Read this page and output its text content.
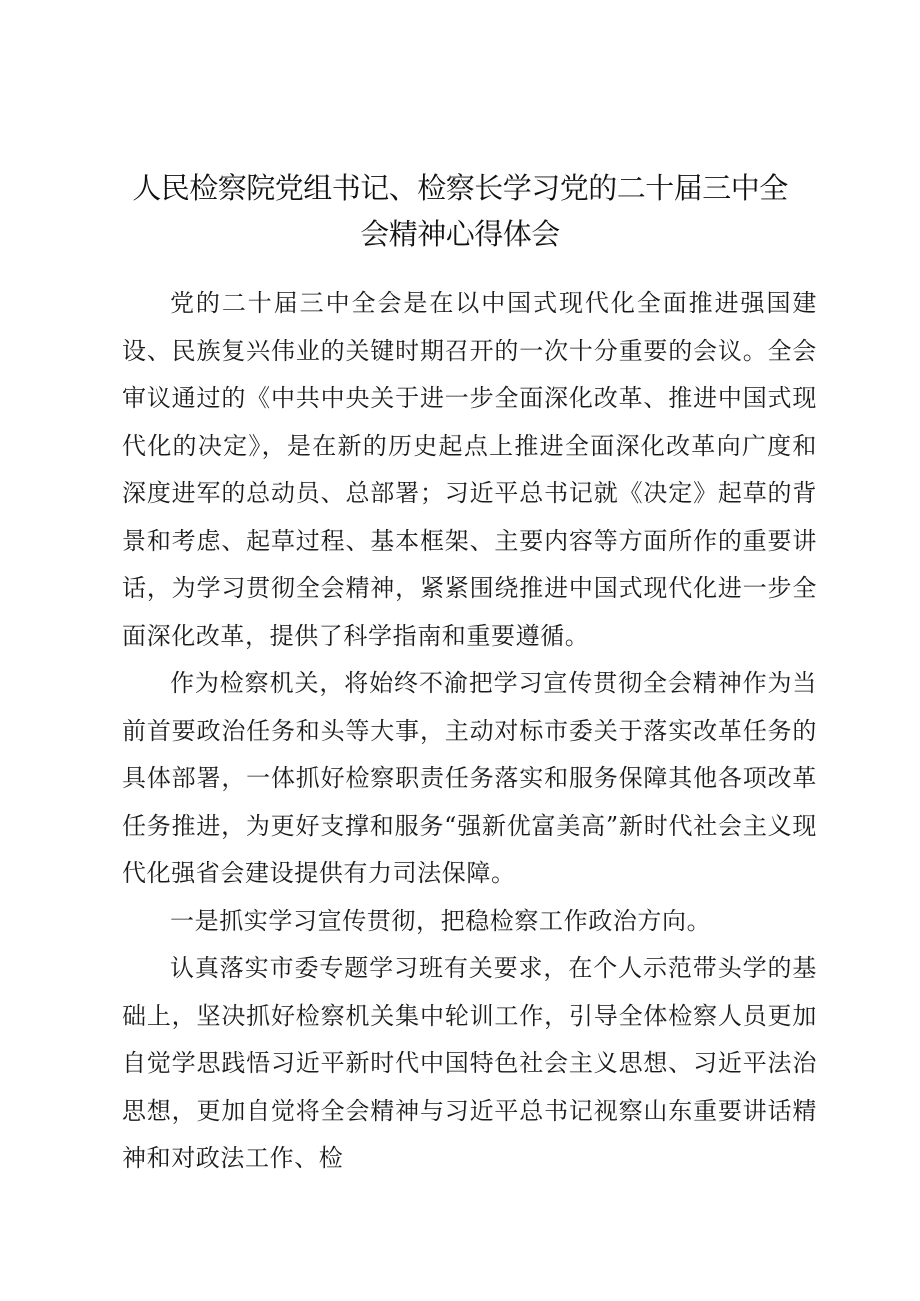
人民检察院党组书记、检察长学习党的二十届三中全会精神心得体会

党的二十届三中全会是在以中国式现代化全面推进强国建设、民族复兴伟业的关键时期召开的一次十分重要的会议。全会审议通过的《中共中央关于进一步全面深化改革、推进中国式现代化的决定》，是在新的历史起点上推进全面深化改革向广度和深度进军的总动员、总部署；习近平总书记就《决定》起草的背景和考虑、起草过程、基本框架、主要内容等方面所作的重要讲话，为学习贯彻全会精神，紧紧围绕推进中国式现代化进一步全面深化改革，提供了科学指南和重要遵循。

作为检察机关，将始终不渝把学习宣传贯彻全会精神作为当前首要政治任务和头等大事，主动对标市委关于落实改革任务的具体部署，一体抓好检察职责任务落实和服务保障其他各项改革任务推进，为更好支撑和服务“强新优富美高”新时代社会主义现代化强省会建设提供有力司法保障。

一是抓实学习宣传贯彻，把稳检察工作政治方向。

认真落实市委专题学习班有关要求，在个人示范带头学的基础上，坚决抓好检察机关集中轮训工作，引导全体检察人员更加自觉学思践悟习近平新时代中国特色社会主义思想、习近平法治思想，更加自觉将全会精神与习近平总书记视察山东重要讲话精神和对政法工作、检
